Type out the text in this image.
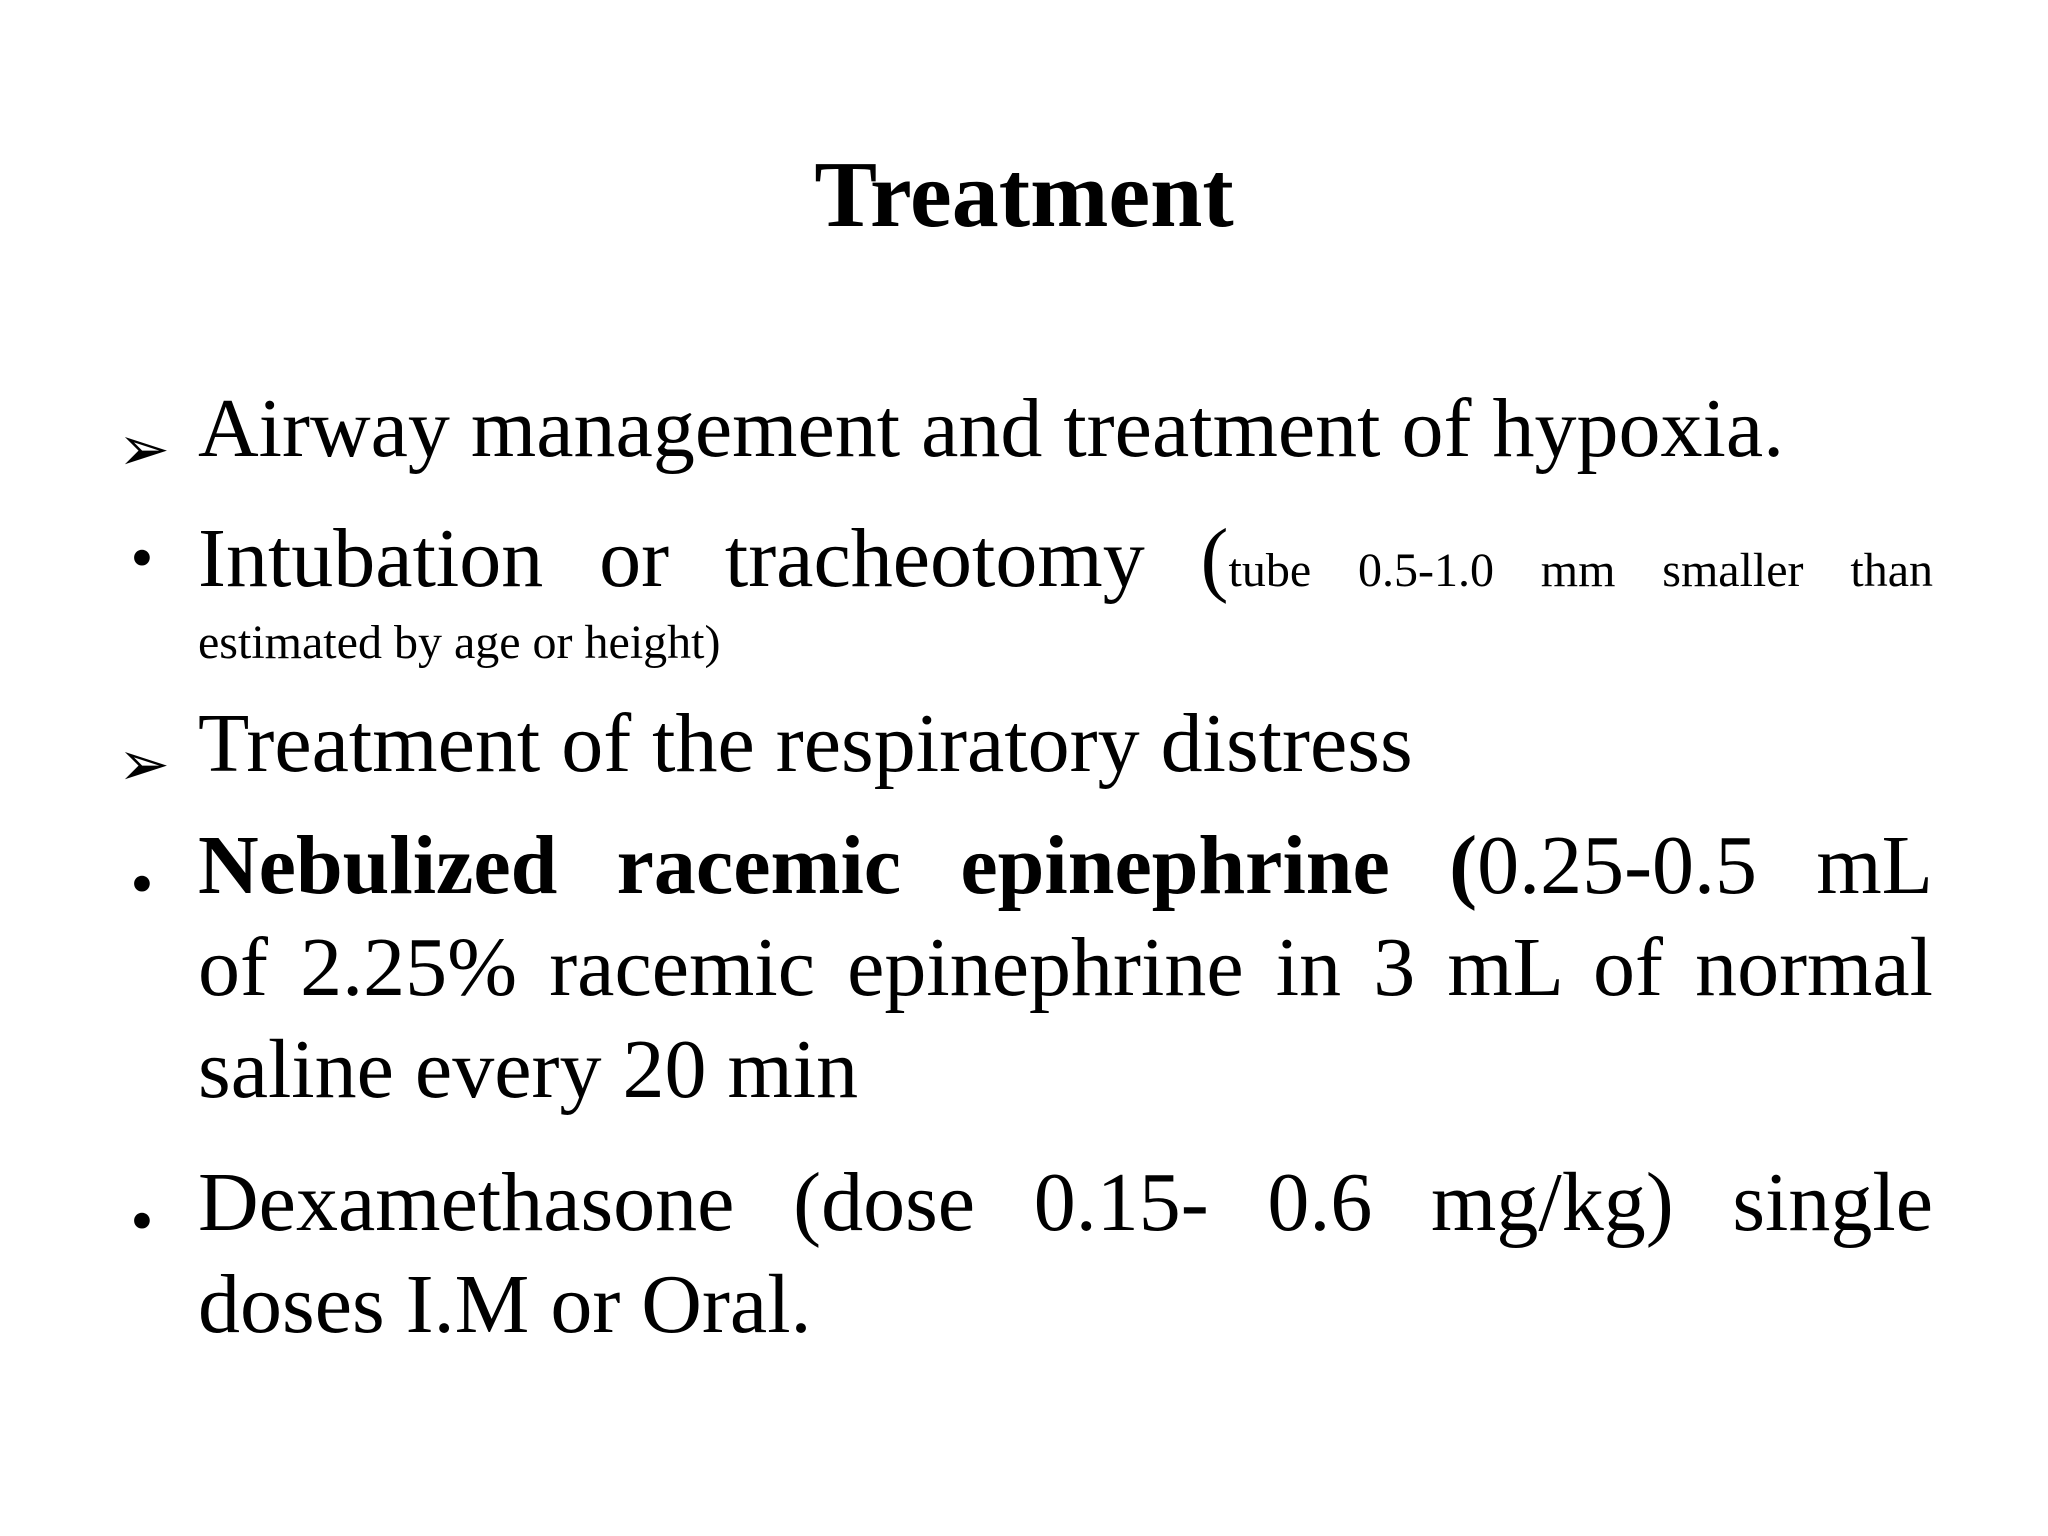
Treatment

➢ Airway management and treatment of hypoxia.

• Intubation or tracheotomy (tube 0.5-1.0 mm smaller than
estimated by age or height)

➢ Treatment of the respiratory distress

• Nebulized racemic epinephrine (0.25-0.5 mL
of 2.25% racemic epinephrine in 3 mL of normal
saline every 20 min

• Dexamethasone (dose 0.15- 0.6 mg/kg) single
doses I.M or Oral.
